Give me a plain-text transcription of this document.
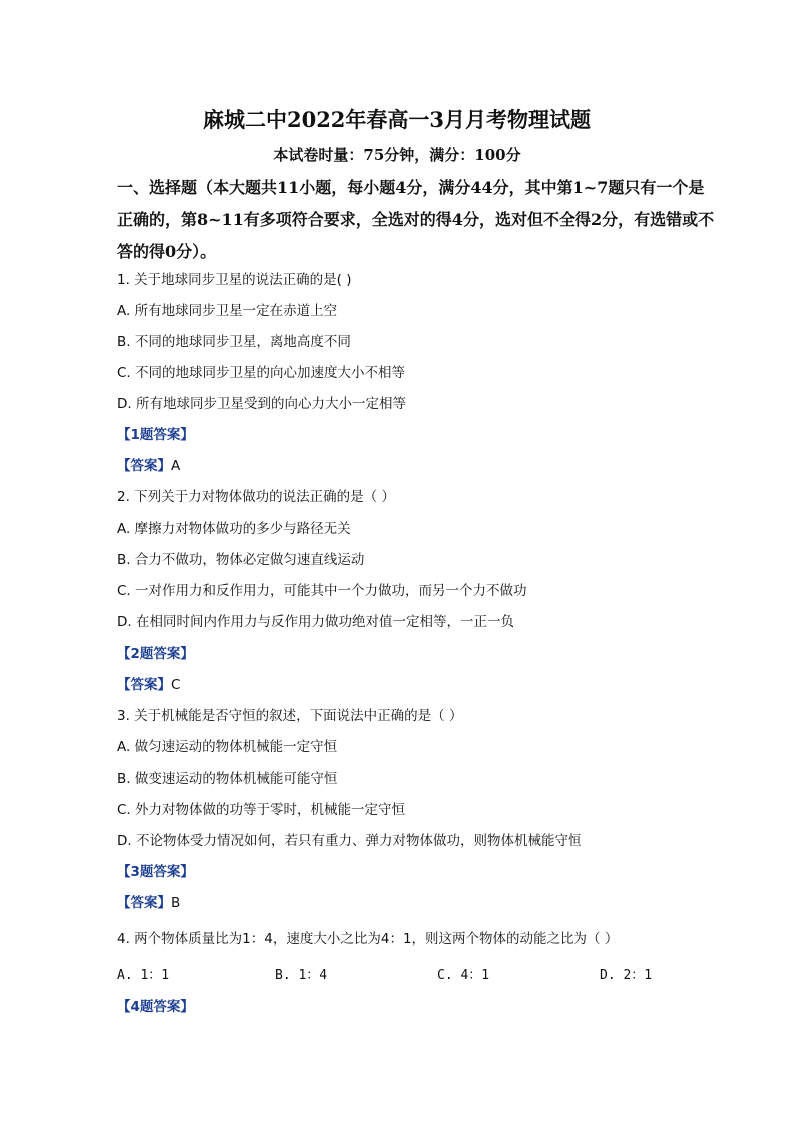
麻城二中2022年春高一3月月考物理试题
本试卷时量：75分钟，满分：100分
一、选择题（本大题共11小题，每小题4分，满分44分，其中第1~7题只有一个是正确的，第8~11有多项符合要求，全选对的得4分，选对但不全得2分，有选错或不答的得0分）。
1. 关于地球同步卫星的说法正确的是( )
A. 所有地球同步卫星一定在赤道上空
B. 不同的地球同步卫星，离地高度不同
C. 不同的地球同步卫星的向心加速度大小不相等
D. 所有地球同步卫星受到的向心力大小一定相等
【1题答案】
【答案】A
2. 下列关于力对物体做功的说法正确的是（ ）
A. 摩擦力对物体做功的多少与路径无关
B. 合力不做功，物体必定做匀速直线运动
C. 一对作用力和反作用力，可能其中一个力做功，而另一个力不做功
D. 在相同时间内作用力与反作用力做功绝对值一定相等，一正一负
【2题答案】
【答案】C
3. 关于机械能是否守恒的叙述，下面说法中正确的是（ ）
A. 做匀速运动的物体机械能一定守恒
B. 做变速运动的物体机械能可能守恒
C. 外力对物体做的功等于零时，机械能一定守恒
D. 不论物体受力情况如何，若只有重力、弹力对物体做功，则物体机械能守恒
【3题答案】
【答案】B
4. 两个物体质量比为1：4，速度大小之比为4：1，则这两个物体的动能之比为（ ）
A. 1：1	B. 1：4	C. 4：1	D. 2：1
【4题答案】
